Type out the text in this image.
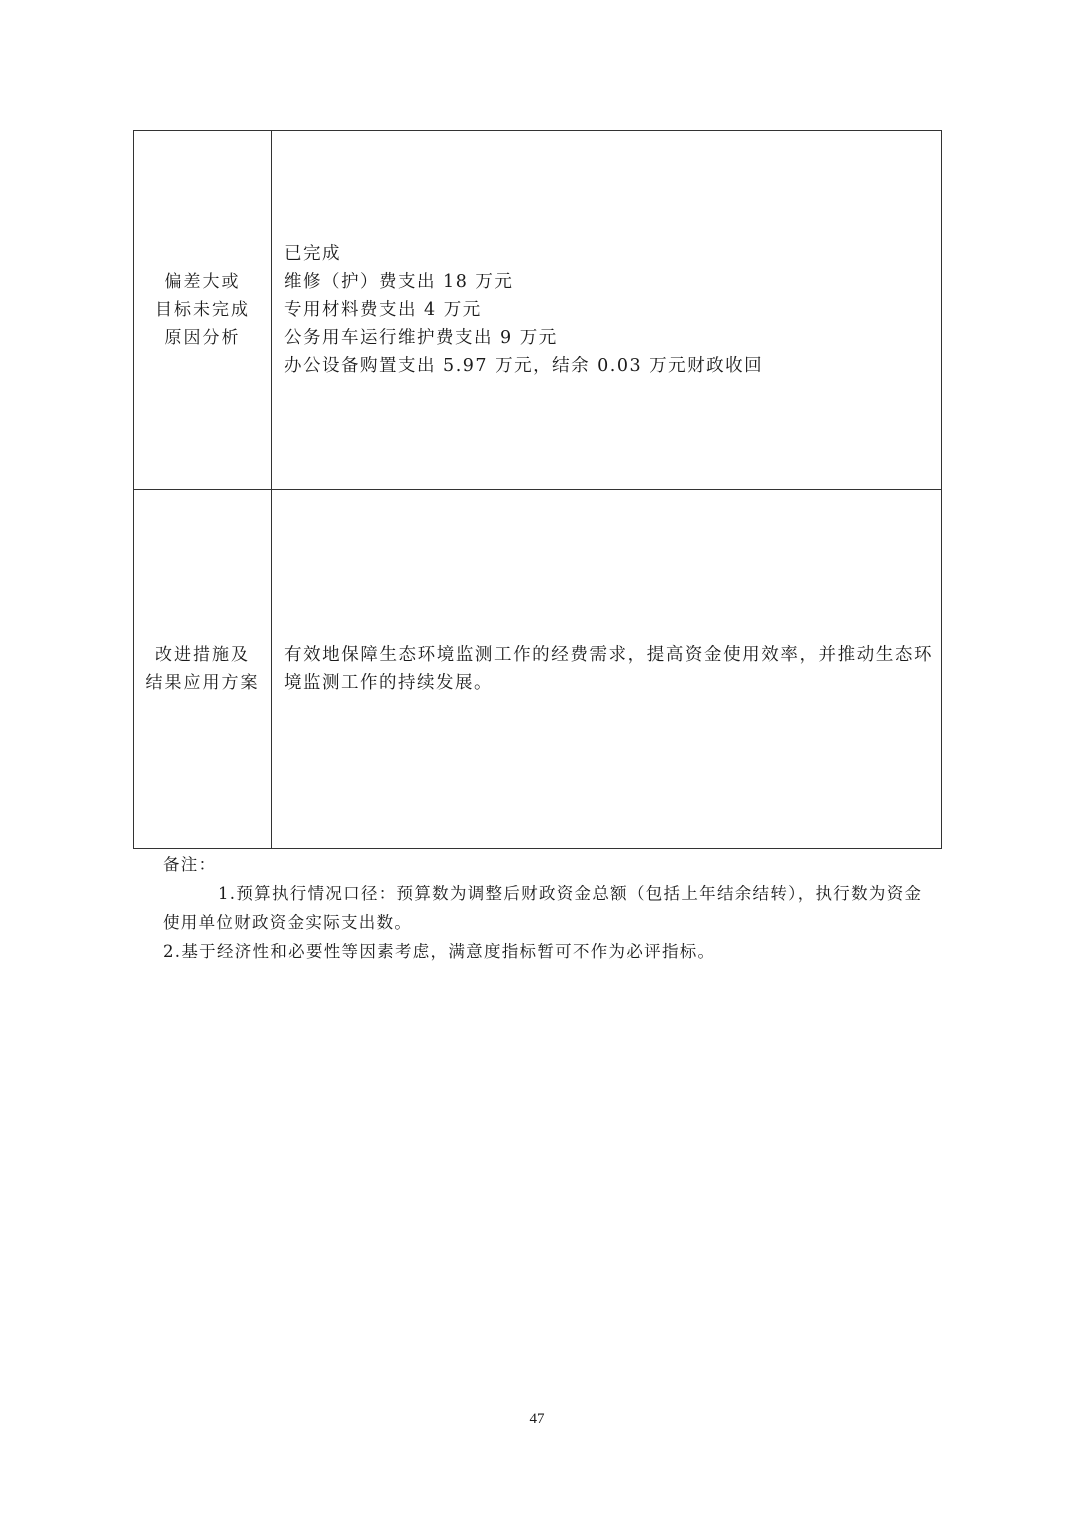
偏差大或
目标未完成
原因分析	已完成
维修（护）费支出 18 万元
专用材料费支出 4 万元
公务用车运行维护费支出 9 万元
办公设备购置支出 5.97 万元，结余 0.03 万元财政收回

改进措施及
结果应用方案	有效地保障生态环境监测工作的经费需求，提高资金使用效率，并推动生态环境监测工作的持续发展。
备注：
1.预算执行情况口径：预算数为调整后财政资金总额（包括上年结余结转），执行数为资金使用单位财政资金实际支出数。
2.基于经济性和必要性等因素考虑，满意度指标暂可不作为必评指标。
47
